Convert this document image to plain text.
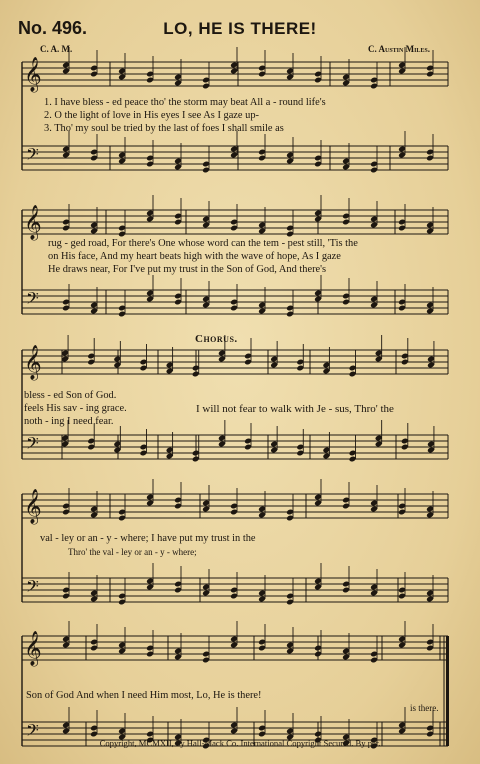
No. 496.	LO, HE IS THERE!
C. A. M.	C. Austin Miles.
𝄞
𝄢
𝄞
𝄢
𝄞
𝄢
𝄞
𝄢
𝄞
𝄢
1. I have bless - ed peace tho' the storm may beat All a - round life's
2. O the light of love in His eyes I see As I gaze up-
3. Tho' my soul be tried by the last of foes I shall smile as
rug - ged road, For there's One whose word can the tem - pest still, 'Tis the
on His face, And my heart beats high with the wave of hope, As I gaze
He draws near, For I've put my trust in the Son of God, And there's
Chorus.
bless - ed Son of God.
feels His sav - ing grace.
noth - ing I need fear.
I will not fear to walk with Je - sus, Thro' the
val - ley or an - y - where; I have put my trust in the
Thro' the val - ley or an - y - where;
Son of God And when I need Him most, Lo, He is there!
is there.
Copyright, MCMXII, by Hall-Mack Co. International Copyright Secured. By per.
